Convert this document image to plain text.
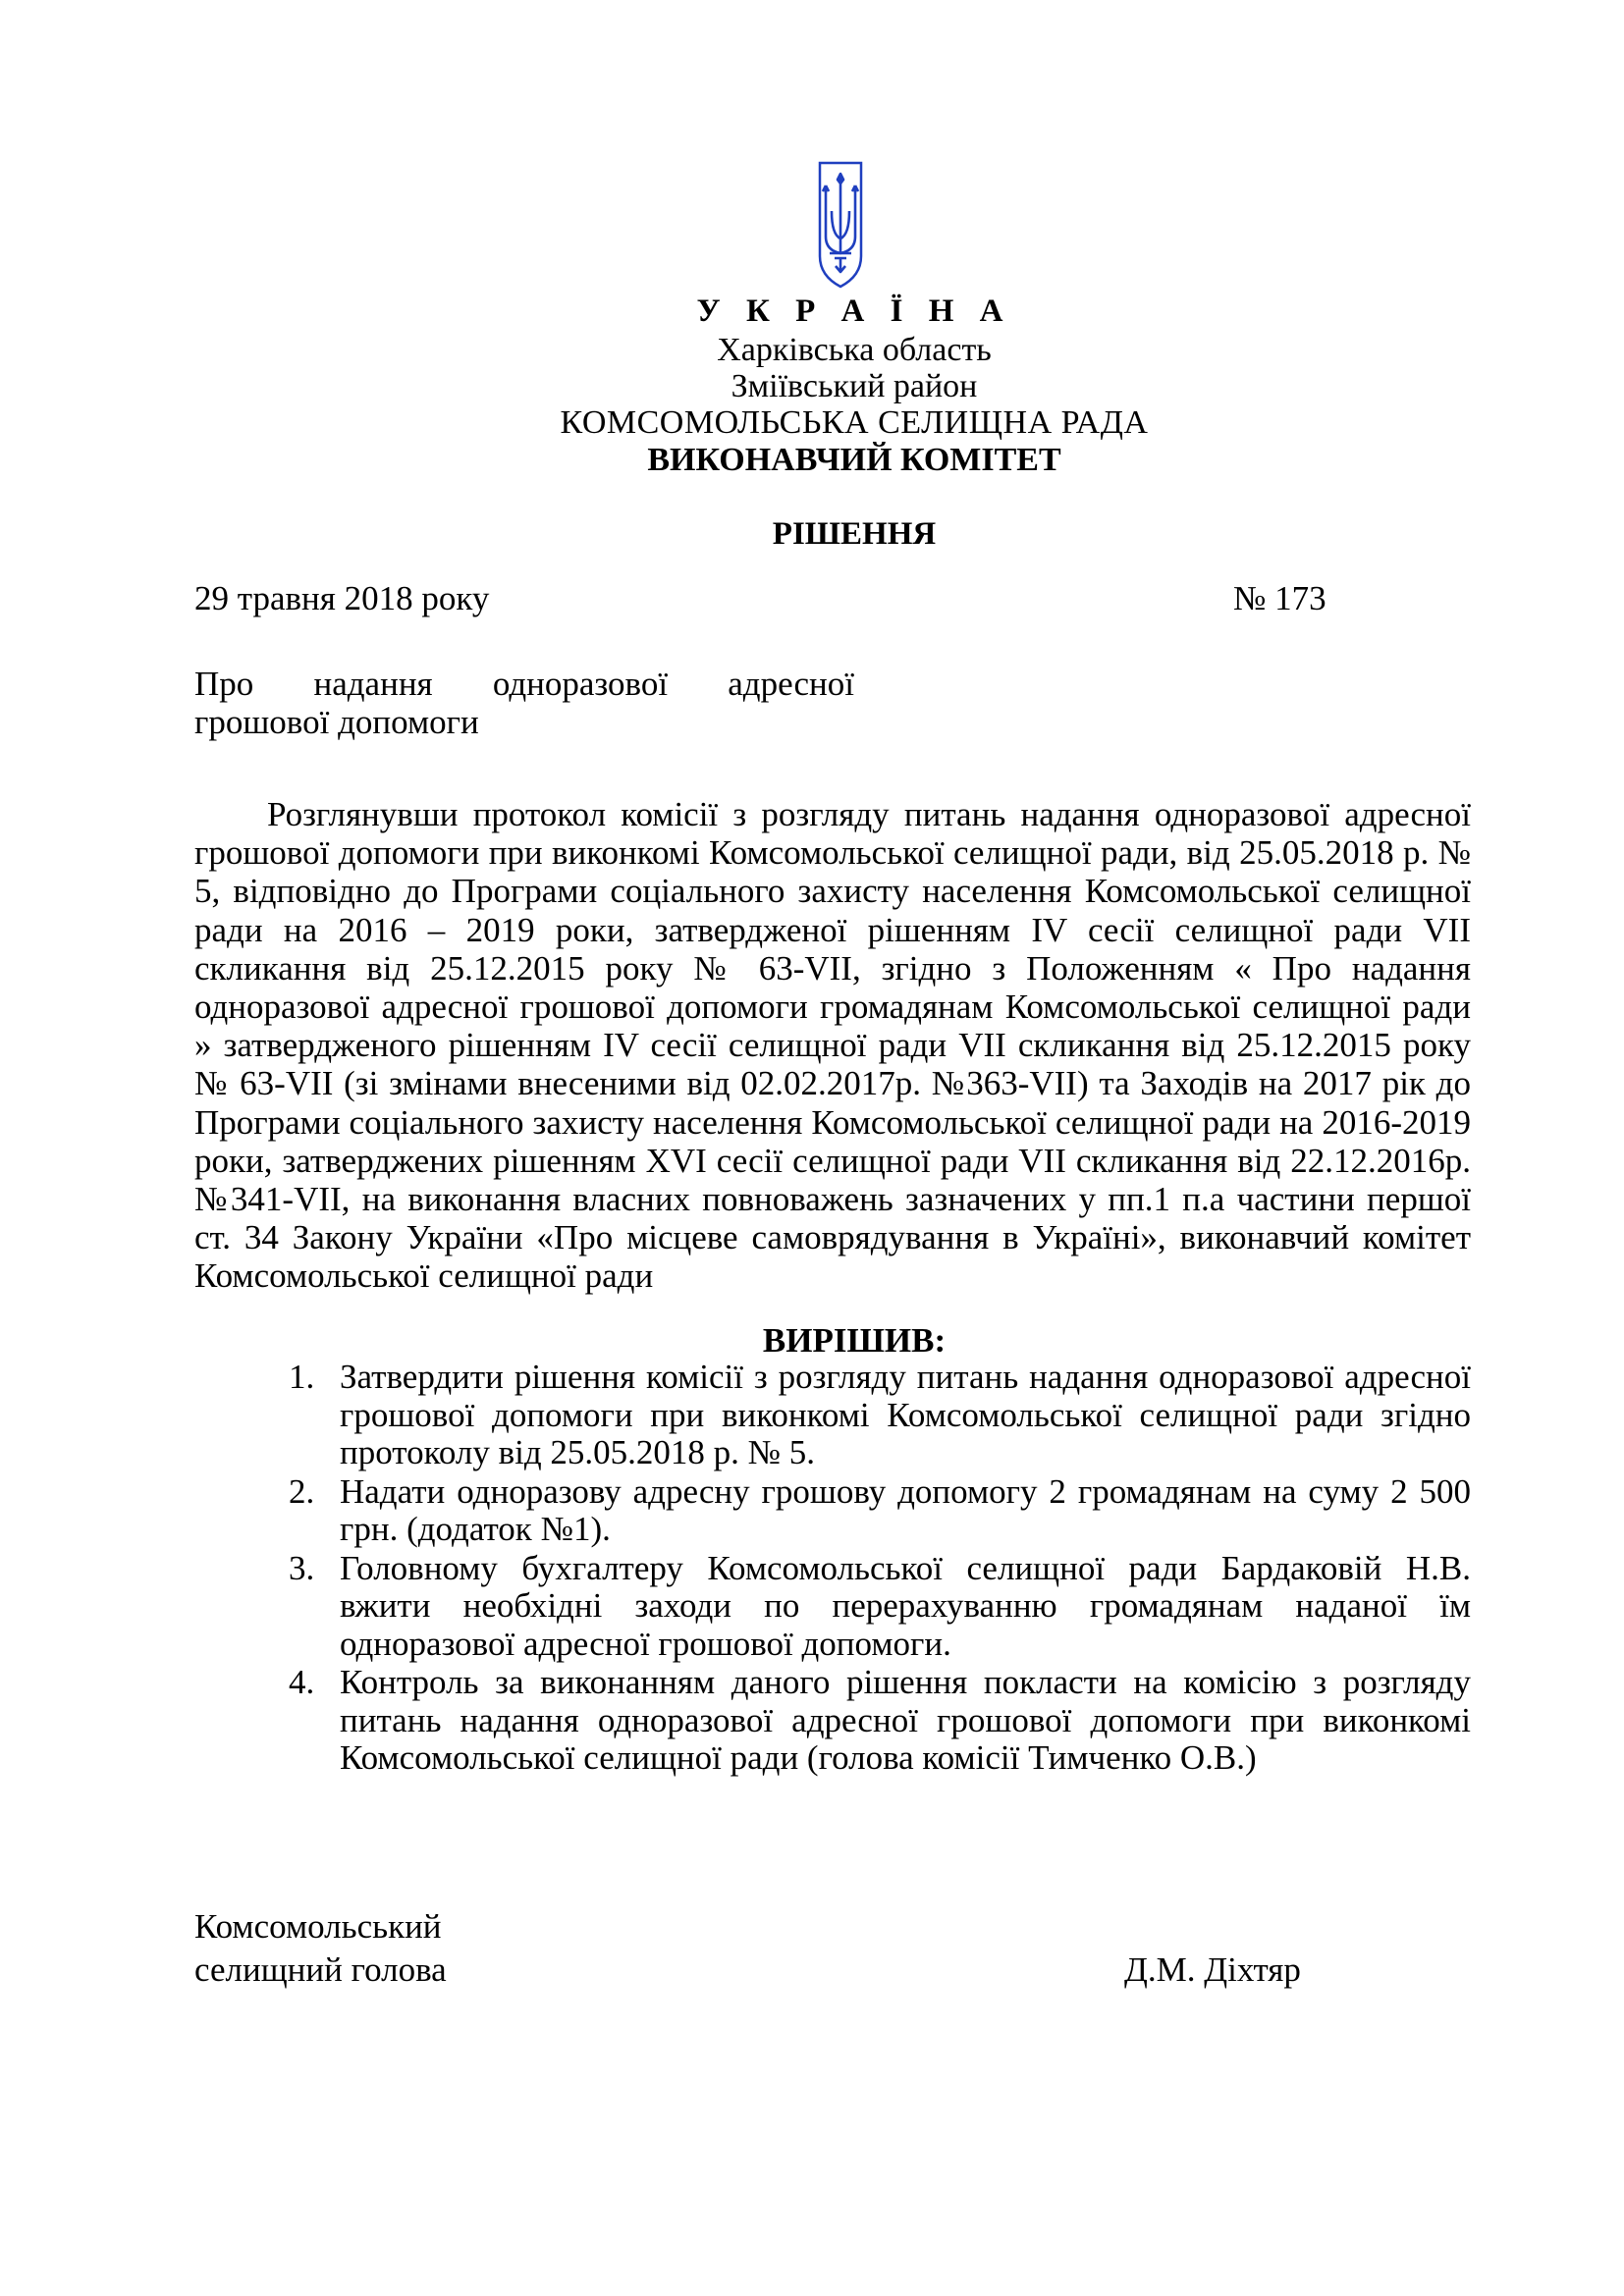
У К Р А Ї Н А
Харківська область
Зміївський район
КОМСОМОЛЬСЬКА СЕЛИЩНА РАДА
ВИКОНАВЧИЙ КОМІТЕТ
РІШЕННЯ
29 травня 2018 року	№ 173
Про надання одноразової адресної
грошової допомоги
Розглянувши протокол комісії з розгляду питань надання одноразової адресної грошової допомоги при виконкомі Комсомольської селищної ради, від 25.05.2018 р. № 5, відповідно до Програми соціального захисту населення Комсомольської селищної ради на 2016 – 2019 роки, затвердженої рішенням IV сесії селищної ради VII скликання від 25.12.2015 року № 63-VII, згідно з Положенням « Про надання одноразової адресної грошової допомоги громадянам Комсомольської селищної ради » затвердженого рішенням IV сесії селищної ради VII скликання від 25.12.2015 року № 63-VII (зі змінами внесеними від 02.02.2017р. №363-VII) та Заходів на 2017 рік до Програми соціального захисту населення Комсомольської селищної ради на 2016-2019 роки, затверджених рішенням XVI сесії селищної ради VII скликання від 22.12.2016р. №341-VII, на виконання власних повноважень зазначених у пп.1 п.а частини першої ст. 34 Закону України «Про місцеве самоврядування в Україні», виконавчий комітет Комсомольської селищної ради
ВИРІШИВ:
1. Затвердити рішення комісії з розгляду питань надання одноразової адресної грошової допомоги при виконкомі Комсомольської селищної ради згідно протоколу від 25.05.2018 р. № 5.
2. Надати одноразову адресну грошову допомогу 2 громадянам на суму 2 500 грн. (додаток №1).
3. Головному бухгалтеру Комсомольської селищної ради Бардаковій Н.В. вжити необхідні заходи по перерахуванню громадянам наданої їм одноразової адресної грошової допомоги.
4. Контроль за виконанням даного рішення покласти на комісію з розгляду питань надання одноразової адресної грошової допомоги при виконкомі Комсомольської селищної ради (голова комісії Тимченко О.В.)
Комсомольський
селищний голова	Д.М. Діхтяр
